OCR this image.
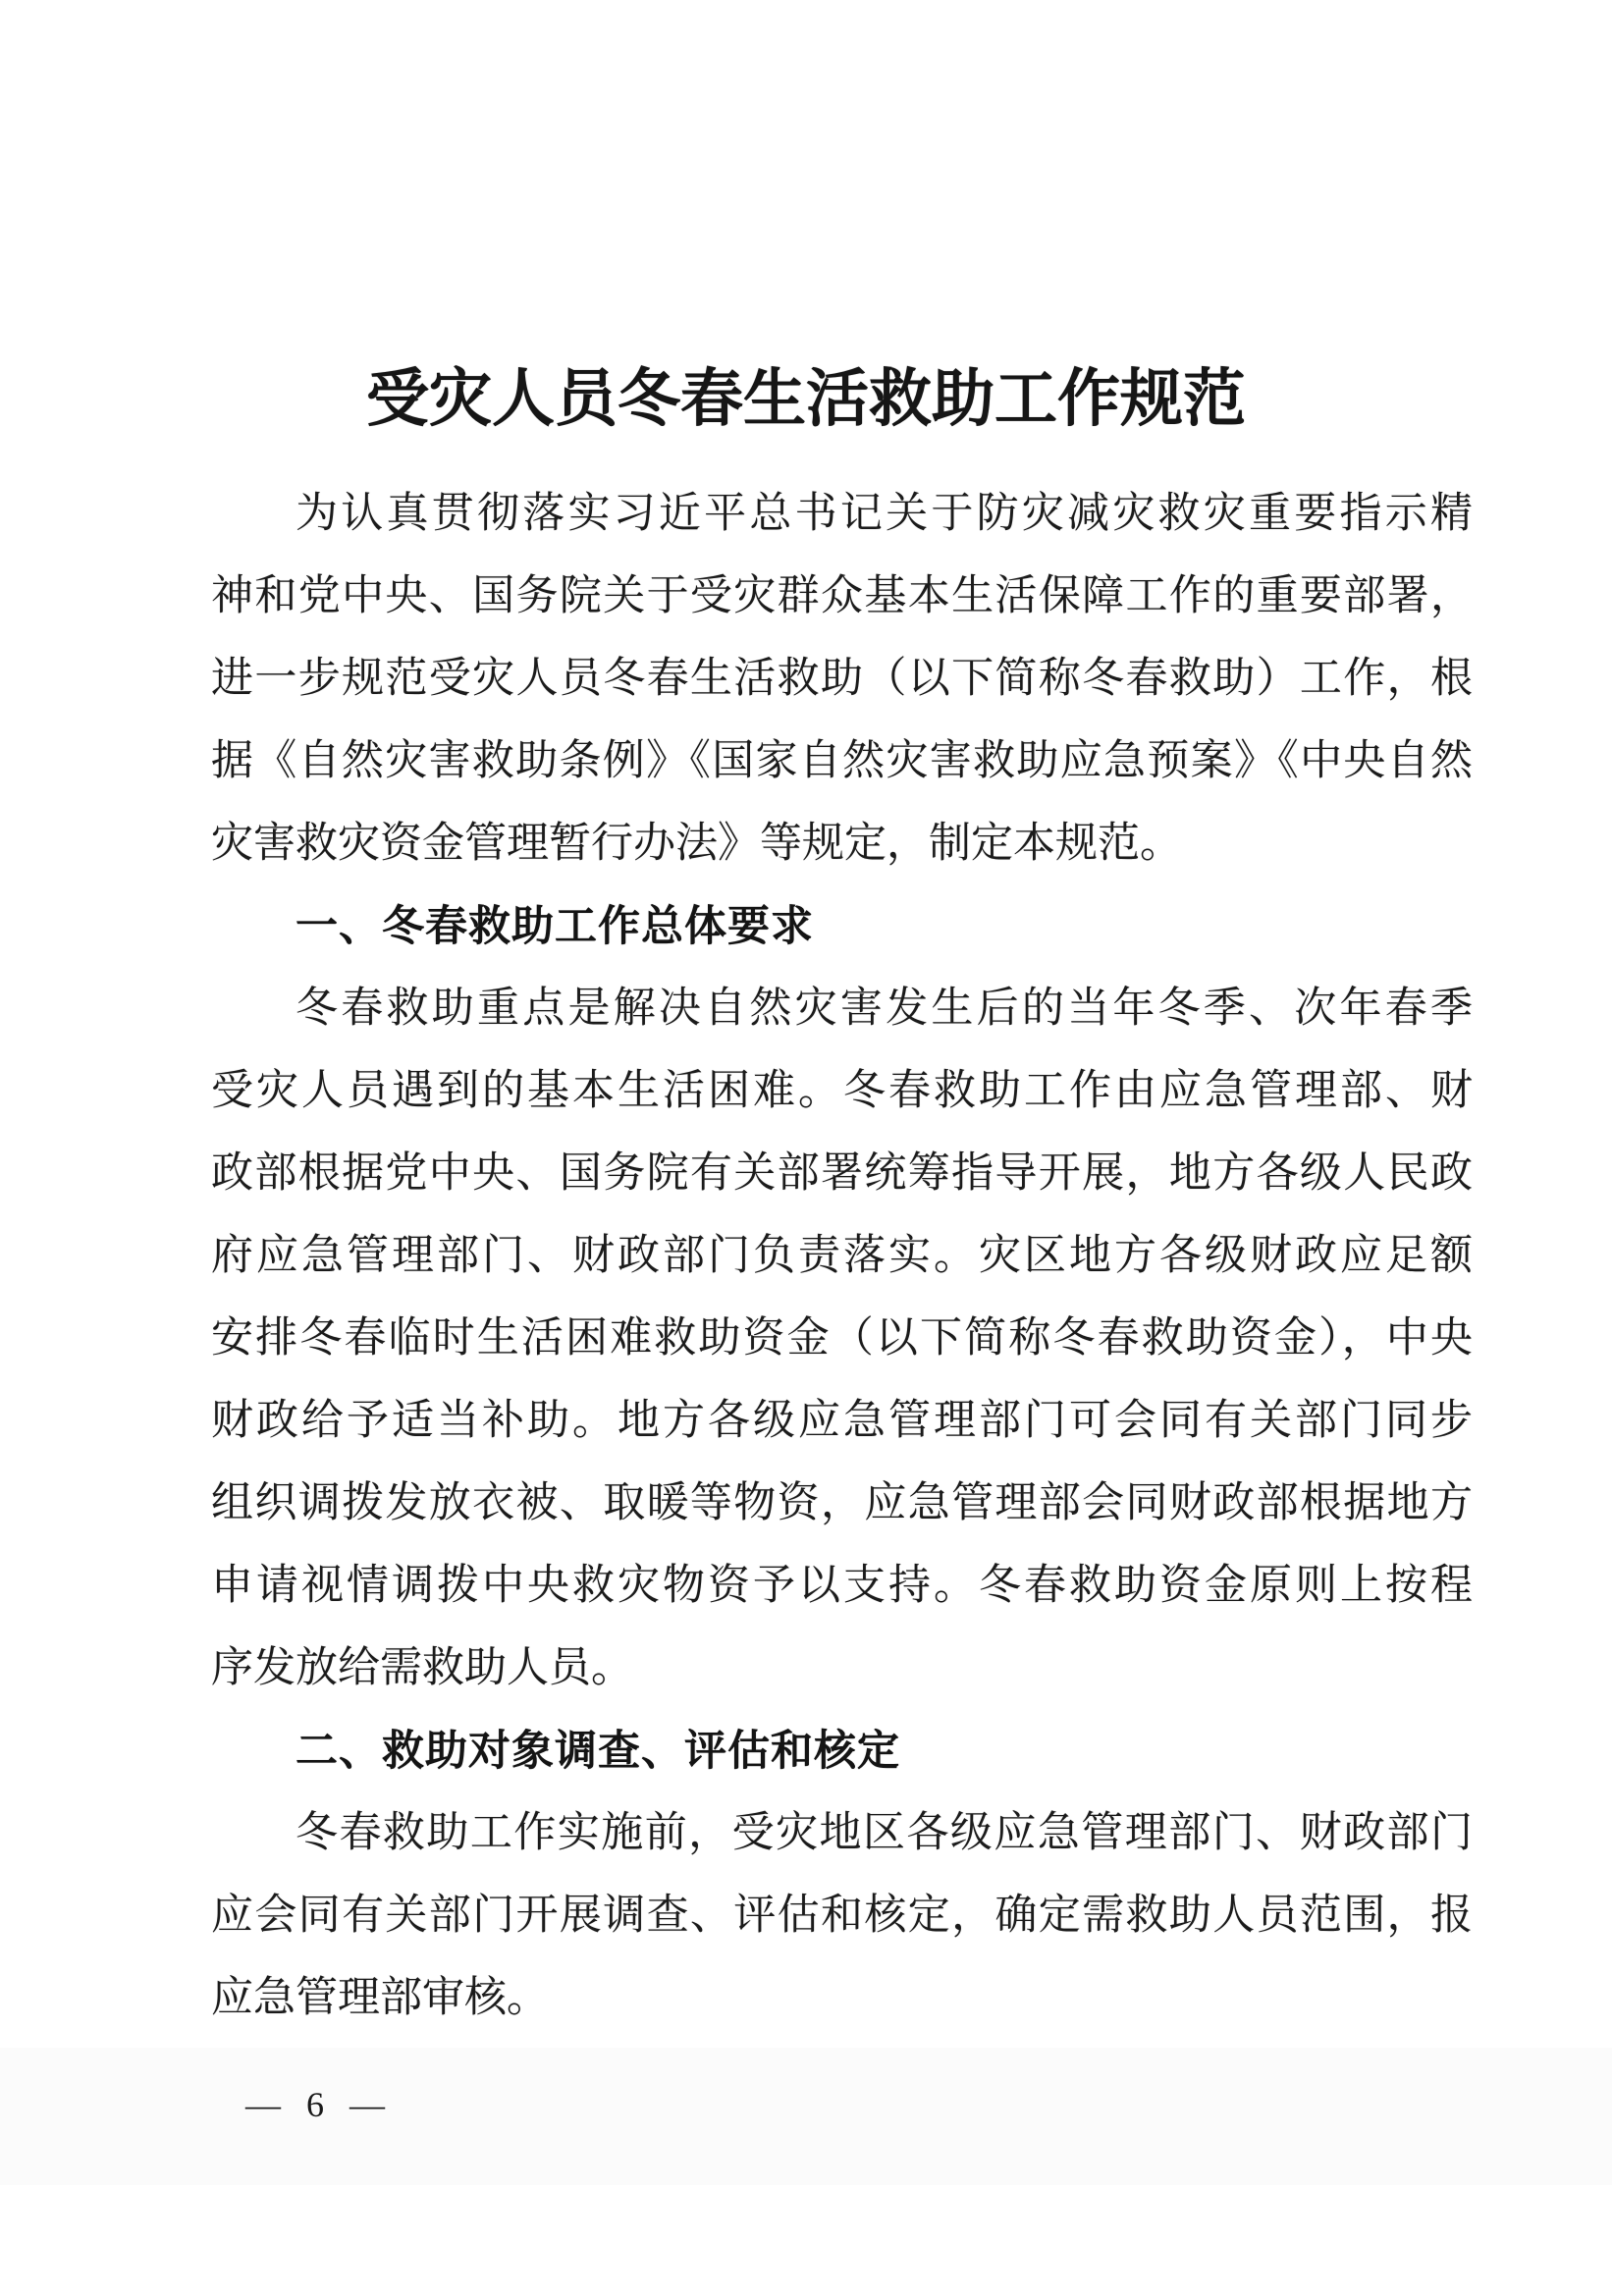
受灾人员冬春生活救助工作规范
为认真贯彻落实习近平总书记关于防灾减灾救灾重要指示精
神和党中央、国务院关于受灾群众基本生活保障工作的重要部署，
进一步规范受灾人员冬春生活救助（以下简称冬春救助）工作，根
据《自然灾害救助条例》《国家自然灾害救助应急预案》《中央自然
灾害救灾资金管理暂行办法》等规定，制定本规范。
一、冬春救助工作总体要求
冬春救助重点是解决自然灾害发生后的当年冬季、次年春季
受灾人员遇到的基本生活困难。冬春救助工作由应急管理部、财
政部根据党中央、国务院有关部署统筹指导开展，地方各级人民政
府应急管理部门、财政部门负责落实。灾区地方各级财政应足额
安排冬春临时生活困难救助资金（以下简称冬春救助资金），中央
财政给予适当补助。地方各级应急管理部门可会同有关部门同步
组织调拨发放衣被、取暖等物资，应急管理部会同财政部根据地方
申请视情调拨中央救灾物资予以支持。冬春救助资金原则上按程
序发放给需救助人员。
二、救助对象调查、评估和核定
冬春救助工作实施前，受灾地区各级应急管理部门、财政部门
应会同有关部门开展调查、评估和核定，确定需救助人员范围，报
应急管理部审核。
— 6 —
